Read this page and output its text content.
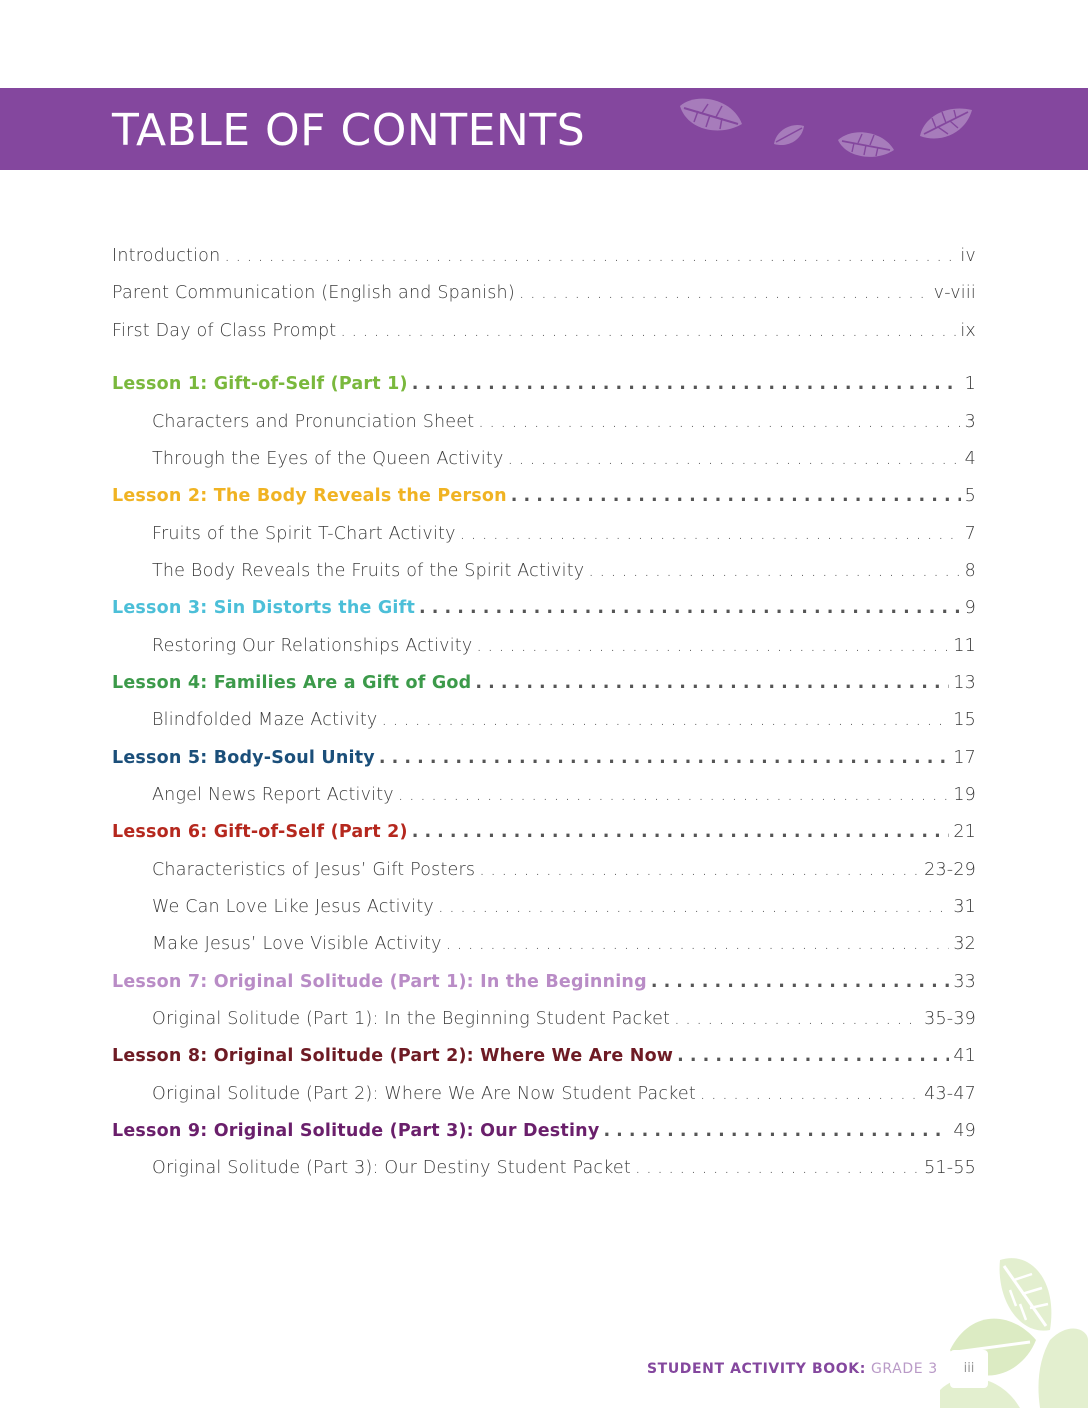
TABLE OF CONTENTS
Introduction . . .	iv
Parent Communication (English and Spanish) . . .	v-viii
First Day of Class Prompt . . .	ix
Lesson 1: Gift-of-Self (Part 1) . . .	1
Characters and Pronunciation Sheet . . .	3
Through the Eyes of the Queen Activity . . .	4
Lesson 2: The Body Reveals the Person . . .	5
Fruits of the Spirit T-Chart Activity . . .	7
The Body Reveals the Fruits of the Spirit Activity . . .	8
Lesson 3: Sin Distorts the Gift . . .	9
Restoring Our Relationships Activity . . .	11
Lesson 4: Families Are a Gift of God . . .	13
Blindfolded Maze Activity . . .	15
Lesson 5: Body-Soul Unity . . .	17
Angel News Report Activity . . .	19
Lesson 6: Gift-of-Self (Part 2) . . .	21
Characteristics of Jesus’ Gift Posters . . .	23-29
We Can Love Like Jesus Activity . . .	31
Make Jesus’ Love Visible Activity . . .	32
Lesson 7: Original Solitude (Part 1): In the Beginning . . .	33
Original Solitude (Part 1): In the Beginning Student Packet . . .	35-39
Lesson 8: Original Solitude (Part 2): Where We Are Now . . .	41
Original Solitude (Part 2): Where We Are Now Student Packet . . .	43-47
Lesson 9: Original Solitude (Part 3): Our Destiny . . .	49
Original Solitude (Part 3): Our Destiny Student Packet . . .	51-55
STUDENT ACTIVITY BOOK: GRADE 3	iii
